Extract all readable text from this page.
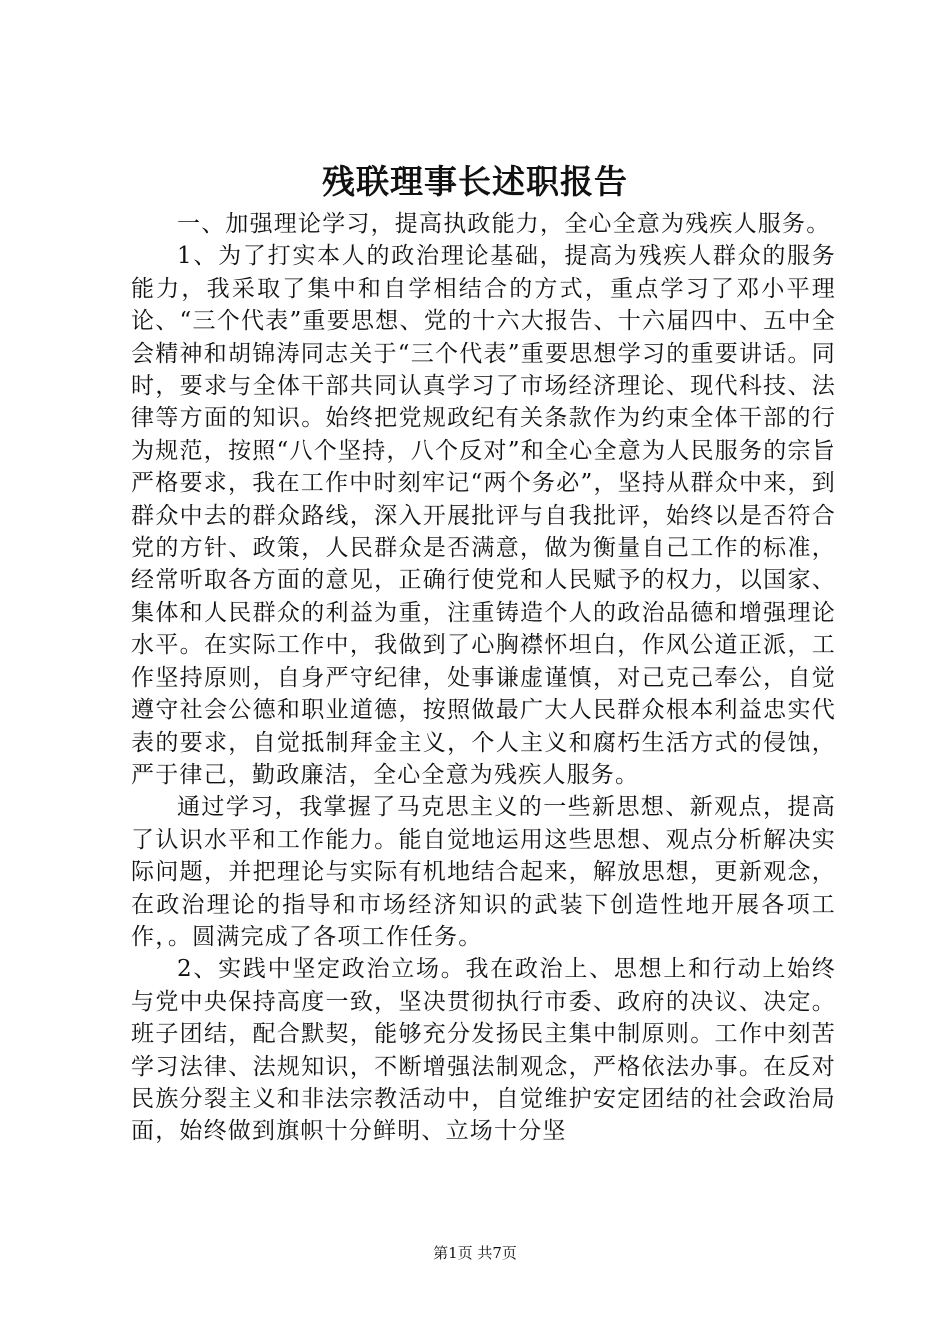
残联理事长述职报告

一、加强理论学习，提高执政能力，全心全意为残疾人服务。

1、为了打实本人的政治理论基础，提高为残疾人群众的服务能力，我采取了集中和自学相结合的方式，重点学习了邓小平理论、“三个代表”重要思想、党的十六大报告、十六届四中、五中全会精神和胡锦涛同志关于“三个代表”重要思想学习的重要讲话。同时，要求与全体干部共同认真学习了市场经济理论、现代科技、法律等方面的知识。始终把党规政纪有关条款作为约束全体干部的行为规范，按照“八个坚持，八个反对”和全心全意为人民服务的宗旨严格要求，我在工作中时刻牢记“两个务必”，坚持从群众中来，到群众中去的群众路线，深入开展批评与自我批评，始终以是否符合党的方针、政策，人民群众是否满意，做为衡量自己工作的标准，经常听取各方面的意见，正确行使党和人民赋予的权力，以国家、集体和人民群众的利益为重，注重铸造个人的政治品德和增强理论水平。在实际工作中，我做到了心胸襟怀坦白，作风公道正派，工作坚持原则，自身严守纪律，处事谦虚谨慎，对己克己奉公，自觉遵守社会公德和职业道德，按照做最广大人民群众根本利益忠实代表的要求，自觉抵制拜金主义，个人主义和腐朽生活方式的侵蚀，严于律己，勤政廉洁，全心全意为残疾人服务。

通过学习，我掌握了马克思主义的一些新思想、新观点，提高了认识水平和工作能力。能自觉地运用这些思想、观点分析解决实际问题，并把理论与实际有机地结合起来，解放思想，更新观念，在政治理论的指导和市场经济知识的武装下创造性地开展各项工作，。圆满完成了各项工作任务。

2、实践中坚定政治立场。我在政治上、思想上和行动上始终与党中央保持高度一致，坚决贯彻执行市委、政府的决议、决定。班子团结，配合默契，能够充分发扬民主集中制原则。工作中刻苦学习法律、法规知识，不断增强法制观念，严格依法办事。在反对民族分裂主义和非法宗教活动中，自觉维护安定团结的社会政治局面，始终做到旗帜十分鲜明、立场十分坚

第1页 共7页
